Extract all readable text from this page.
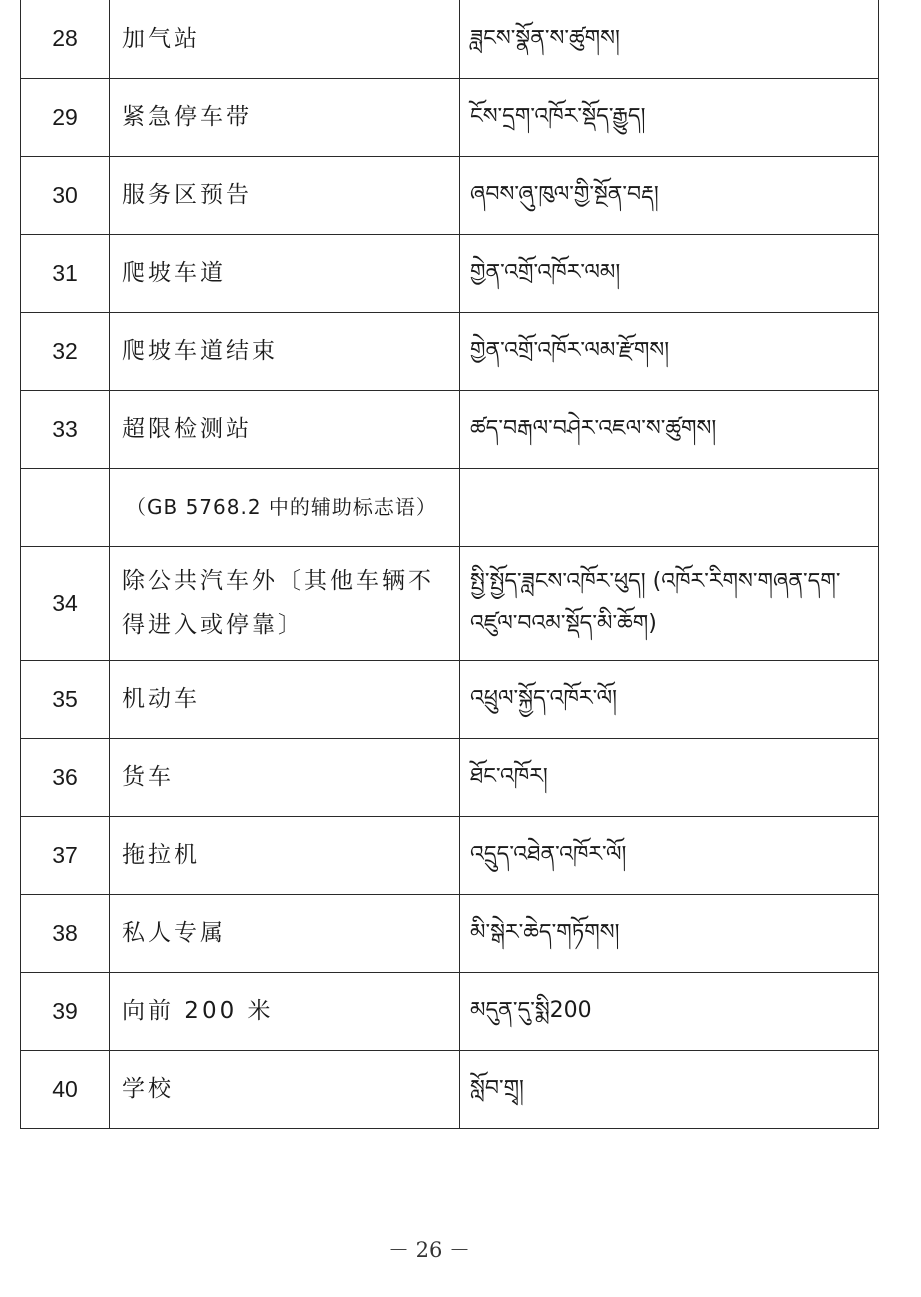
28	加气站	ཟླངས་སྣོན་ས་ཚུགས།
29	紧急停车带	ངོས་དྲག་འཁོར་སྡོད་རྒྱུད།
30	服务区预告	ཞབས་ཞུ་ཁུལ་གྱི་སྔོན་བརྡ།
31	爬坡车道	གྱེན་འགྲོ་འཁོར་ལམ།
32	爬坡车道结束	གྱེན་འགྲོ་འཁོར་ལམ་རྫོགས།
33	超限检测站	ཚད་བརྒལ་བཤེར་འཇལ་ས་ཚུགས།
	（GB 5768.2 中的辅助标志语）	
34	除公共汽车外〔其他车辆不得进入或停靠〕	སྤྱི་སྤྱོད་ཟླངས་འཁོར་ཕུད། (འཁོར་རིགས་གཞན་དག་འཛུལ་བའམ་སྡོད་མི་ཆོག)
35	机动车	འཕྲུལ་སྐྱོད་འཁོར་ལོ།
36	货车	ཐོང་འཁོར།
37	拖拉机	འདྲུད་འཐེན་འཁོར་ལོ།
38	私人专属	མི་སྒེར་ཆེད་གཏོགས།
39	向前 200 米	མདུན་དུ་སྨི200
40	学校	སློབ་གྲྭ།
－ 26 －
